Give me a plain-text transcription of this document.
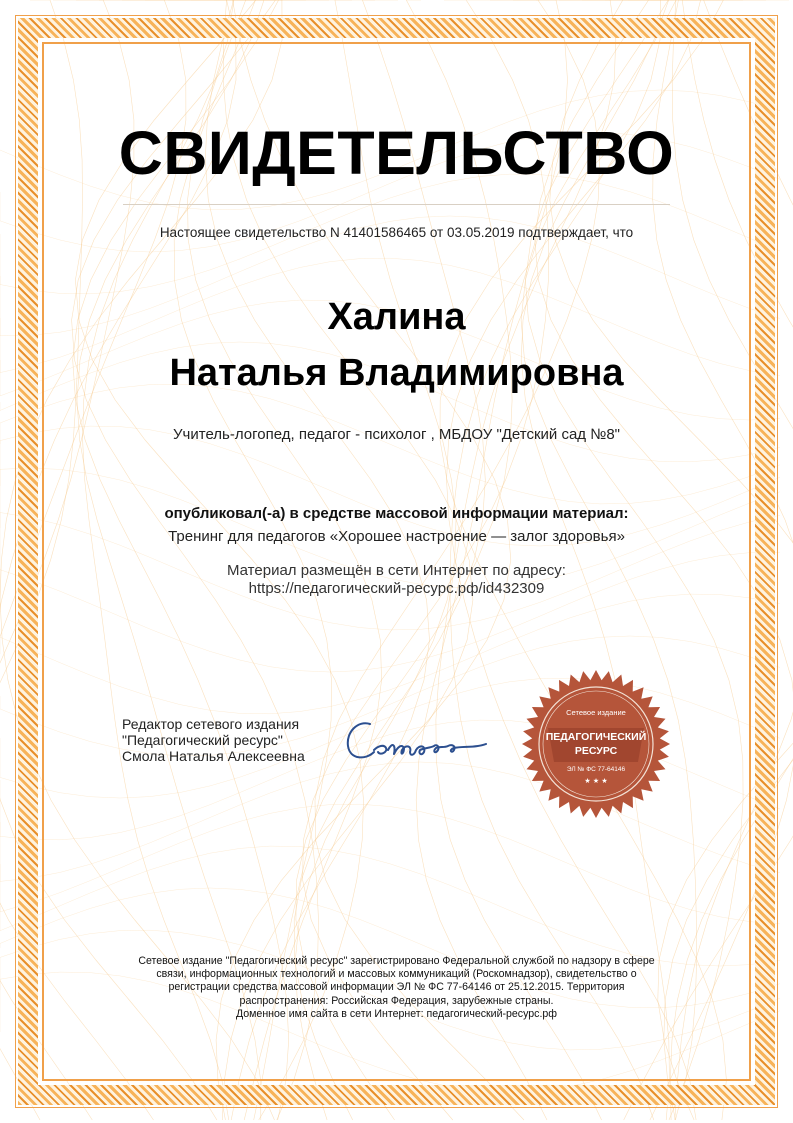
СВИДЕТЕЛЬСТВО
Настоящее свидетельство N 41401586465 от 03.05.2019 подтверждает, что
Халина
Наталья Владимировна
Учитель-логопед, педагог - психолог , МБДОУ "Детский сад №8"
опубликовал(-а) в средстве массовой информации материал:
Тренинг для педагогов «Хорошее настроение — залог здоровья»
Материал размещён в сети Интернет по адресу:
https://педагогический-ресурс.рф/id432309
Редактор сетевого издания
"Педагогический ресурс"
Смола Наталья Алексеевна
Сетевое издание
ПЕДАГОГИЧЕСКИЙ
РЕСУРС
ЭЛ № ФС 77-64146
★ ★ ★
Сетевое издание "Педагогический ресурс" зарегистрировано Федеральной службой по надзору в сфере
связи, информационных технологий и массовых коммуникаций (Роскомнадзор), свидетельство о
регистрации средства массовой информации ЭЛ № ФС 77-64146 от 25.12.2015. Территория
распространения: Российская Федерация, зарубежные страны.
Доменное имя сайта в сети Интернет: педагогический-ресурс.рф
